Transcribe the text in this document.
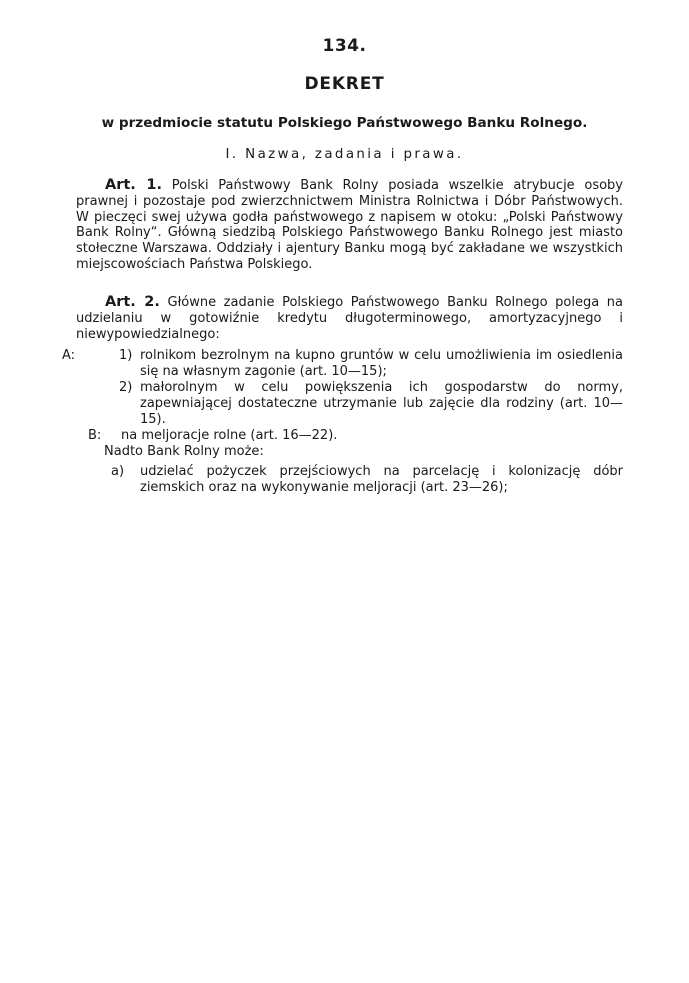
134.
DEKRET
w przedmiocie statutu Polskiego Państwowego Banku Rolnego.
I. Nazwa, zadania i prawa.
Art. 1. Polski Państwowy Bank Rolny posiada wszelkie atrybucje osoby prawnej i pozostaje pod zwierzchnictwem Ministra Rolnictwa i Dóbr Państwowych. W pieczęci swej używa godła państwowego z napisem w otoku: „Polski Państwowy Bank Rolny“. Główną siedzibą Polskiego Państwowego Banku Rolnego jest miasto stołeczne Warszawa. Oddziały i ajentury Banku mogą być zakładane we wszystkich miejscowościach Państwa Polskiego.
Art. 2. Główne zadanie Polskiego Państwowego Banku Rolnego polega na udzielaniu w gotowiźnie kredytu długoterminowego, amortyzacyjnego i niewypowiedzialnego:
A:	1) rolnikom bezrolnym na kupno gruntów w celu umożliwienia im osiedlenia się na własnym zagonie (art. 10—15);
2) małorolnym w celu powiększenia ich gospodarstw do normy, zapewniającej dostateczne utrzymanie lub zajęcie dla rodziny (art. 10—15).
B: na meljoracje rolne (art. 16—22).
Nadto Bank Rolny może:
a) udzielać pożyczek przejściowych na parcelację i kolonizację dóbr ziemskich oraz na wykonywanie meljoracji (art. 23—26);
